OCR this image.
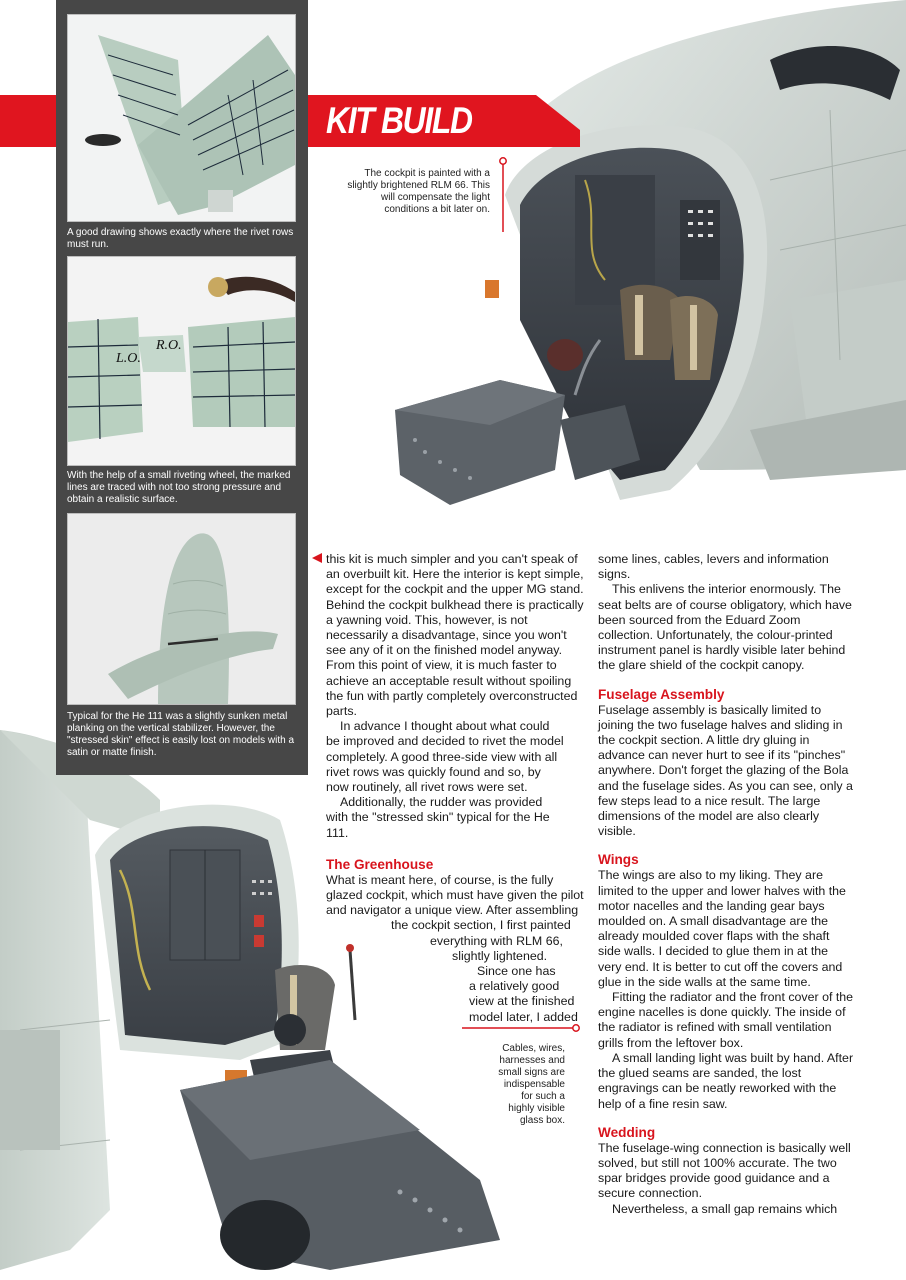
A good drawing shows exactly where the rivet rows must run.
L.O.
R.O.
With the help of a small riveting wheel, the marked lines are traced with not too strong pressure and obtain a realistic surface.
Typical for the He 111 was a slightly sunken metal planking on the vertical stabilizer. However, the "stressed skin" effect is easily lost on models with a satin or matte finish.
KIT BUILD
The cockpit is painted with a slightly brightened RLM 66. This will compensate the light conditions a bit later on.

this kit is much simpler and you can't speak of

an overbuilt kit. Here the interior is kept simple,

except for the cockpit and the upper MG stand.

Behind the cockpit bulkhead there is practically

a yawning void. This, however, is not

necessarily a disadvantage, since you won't

see any of it on the finished model anyway.

From this point of view, it is much faster to

achieve an acceptable result without spoiling

the fun with partly completely overconstructed

parts.

In advance I thought about what could be improved and decided to rivet the model completely. A good three-side view with all rivet rows was quickly found and so, by now routinely, all rivet rows were set.

Additionally, the rudder was provided with the "stressed skin" typical for the He 111.

The Greenhouse

What is meant here, of course, is the fully

glazed cockpit, which must have given the pilot

and navigator a unique view. After assembling

the cockpit section, I first painted

everything with RLM 66,

slightly lightened.

Since one has

a relatively good

view at the finished

model later, I added

Cables, wires, harnesses and small signs are indispensable for such a highly visible glass box.

some lines, cables, levers and information signs.

This enlivens the interior enormously. The seat belts are of course obligatory, which have been sourced from the Eduard Zoom collection. Unfortunately, the colour-printed instrument panel is hardly visible later behind the glare shield of the cockpit canopy.

Fuselage Assembly

Fuselage assembly is basically limited to joining the two fuselage halves and sliding in the cockpit section. A little dry gluing in advance can never hurt to see if its "pinches" anywhere. Don't forget the glazing of the Bola and the fuselage sides. As you can see, only a few steps lead to a nice result. The large dimensions of the model are also clearly visible.

Wings

The wings are also to my liking. They are limited to the upper and lower halves with the motor nacelles and the landing gear bays moulded on. A small disadvantage are the already moulded cover flaps with the shaft side walls. I decided to glue them in at the very end. It is better to cut off the covers and glue in the side walls at the same time.

Fitting the radiator and the front cover of the engine nacelles is done quickly. The inside of the radiator is refined with small ventilation grills from the leftover box.

A small landing light was built by hand. After the glued seams are sanded, the lost engravings can be neatly reworked with the help of a fine resin saw.

Wedding

The fuselage-wing connection is basically well solved, but still not 100% accurate. The two spar bridges provide good guidance and a secure connection.

Nevertheless, a small gap remains which
